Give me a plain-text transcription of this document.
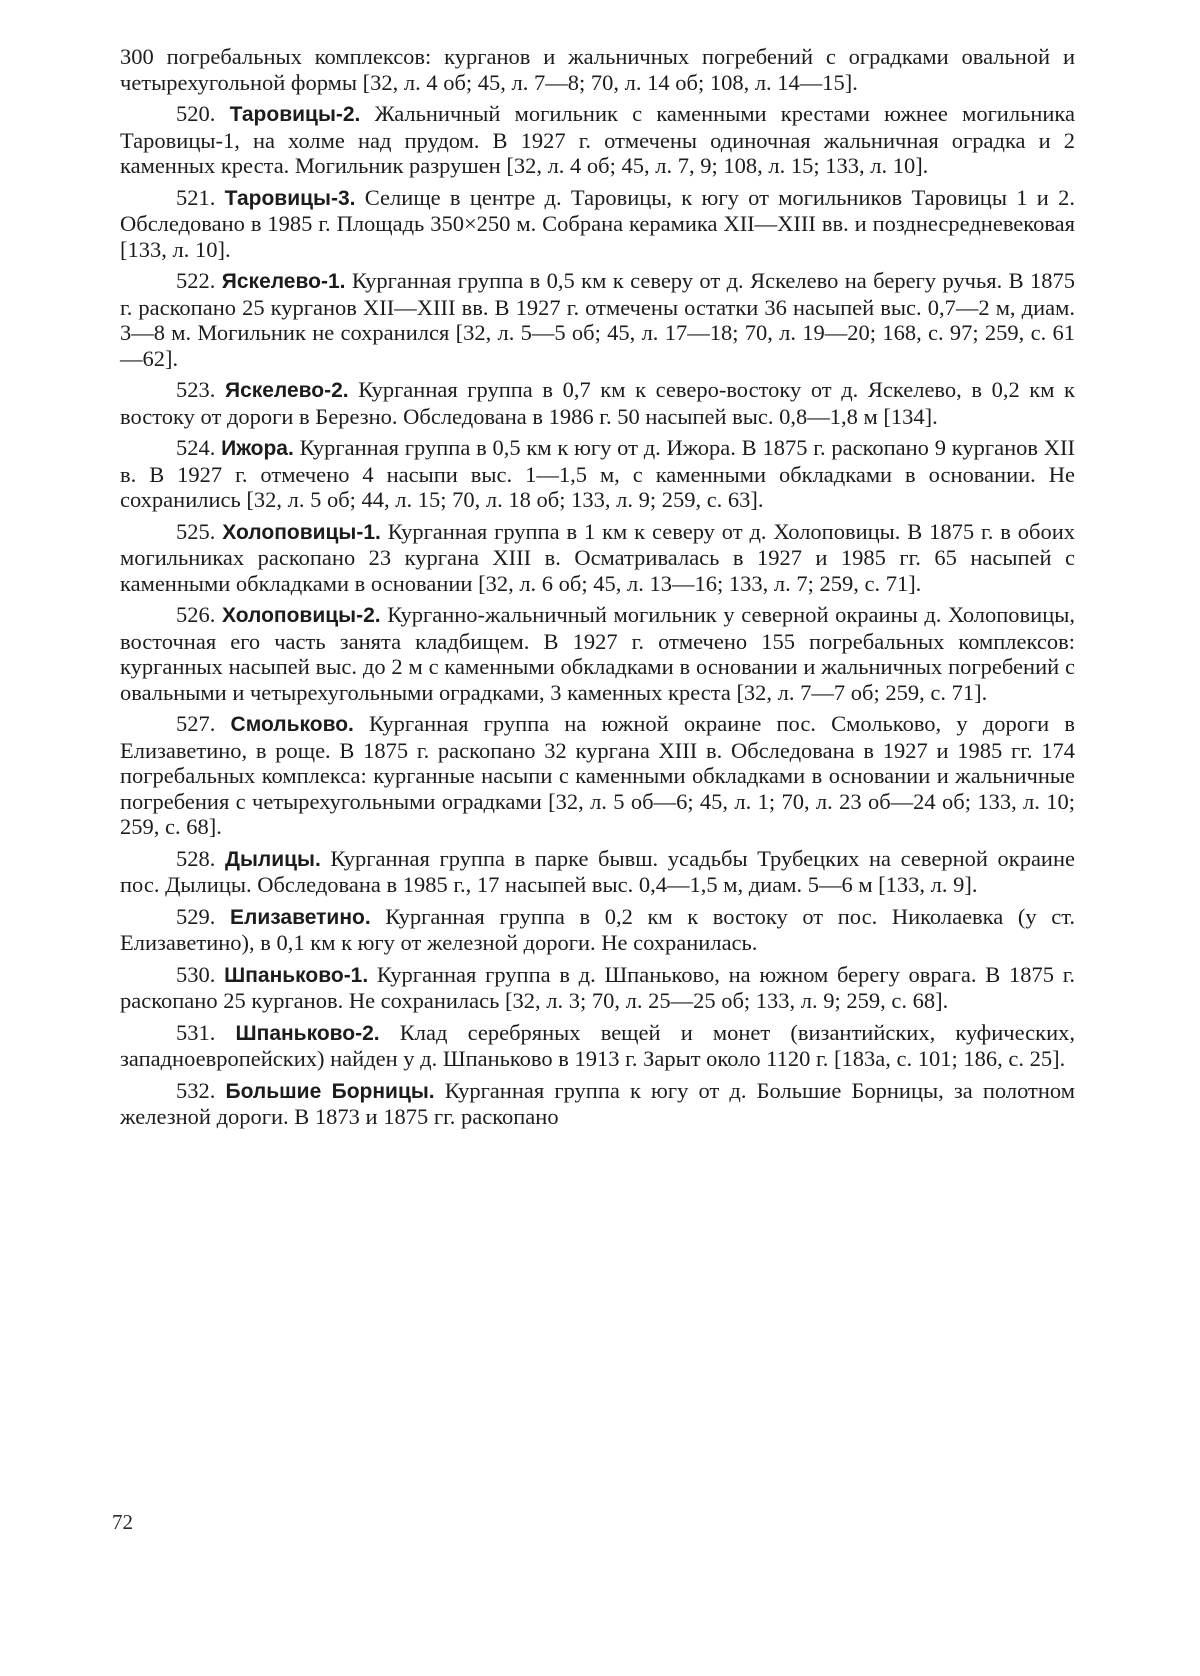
300 погребальных комплексов: курганов и жальничных погребений с оградками овальной и четырехугольной формы [32, л. 4 об; 45, л. 7—8; 70, л. 14 об; 108, л. 14—15].

520. Таровицы-2. Жальничный могильник с каменными крестами южнее могильника Таровицы-1, на холме над прудом. В 1927 г. отмечены одиночная жальничная оградка и 2 каменных креста. Могильник разрушен [32, л. 4 об; 45, л. 7, 9; 108, л. 15; 133, л. 10].

521. Таровицы-3. Селище в центре д. Таровицы, к югу от могильников Таровицы 1 и 2. Обследовано в 1985 г. Площадь 350×250 м. Собрана керамика XII—XIII вв. и позднесредневековая [133, л. 10].

522. Яскелево-1. Курганная группа в 0,5 км к северу от д. Яскелево на берегу ручья. В 1875 г. раскопано 25 курганов XII—XIII вв. В 1927 г. отмечены остатки 36 насыпей выс. 0,7—2 м, диам. 3—8 м. Могильник не сохранился [32, л. 5—5 об; 45, л. 17—18; 70, л. 19—20; 168, с. 97; 259, с. 61—62].

523. Яскелево-2. Курганная группа в 0,7 км к северо-востоку от д. Яскелево, в 0,2 км к востоку от дороги в Березно. Обследована в 1986 г. 50 насыпей выс. 0,8—1,8 м [134].

524. Ижора. Курганная группа в 0,5 км к югу от д. Ижора. В 1875 г. раскопано 9 курганов XII в. В 1927 г. отмечено 4 насыпи выс. 1—1,5 м, с каменными обкладками в основании. Не сохранились [32, л. 5 об; 44, л. 15; 70, л. 18 об; 133, л. 9; 259, с. 63].

525. Холоповицы-1. Курганная группа в 1 км к северу от д. Холоповицы. В 1875 г. в обоих могильниках раскопано 23 кургана XIII в. Осматривалась в 1927 и 1985 гг. 65 насыпей с каменными обкладками в основании [32, л. 6 об; 45, л. 13—16; 133, л. 7; 259, с. 71].

526. Холоповицы-2. Курганно-жальничный могильник у северной окраины д. Холоповицы, восточная его часть занята кладбищем. В 1927 г. отмечено 155 погребальных комплексов: курганных насыпей выс. до 2 м с каменными обкладками в основании и жальничных погребений с овальными и четырехугольными оградками, 3 каменных креста [32, л. 7—7 об; 259, с. 71].

527. Смольково. Курганная группа на южной окраине пос. Смольково, у дороги в Елизаветино, в роще. В 1875 г. раскопано 32 кургана XIII в. Обследована в 1927 и 1985 гг. 174 погребальных комплекса: курганные насыпи с каменными обкладками в основании и жальничные погребения с четырехугольными оградками [32, л. 5 об—6; 45, л. 1; 70, л. 23 об—24 об; 133, л. 10; 259, с. 68].

528. Дылицы. Курганная группа в парке бывш. усадьбы Трубецких на северной окраине пос. Дылицы. Обследована в 1985 г., 17 насыпей выс. 0,4—1,5 м, диам. 5—6 м [133, л. 9].

529. Елизаветино. Курганная группа в 0,2 км к востоку от пос. Николаевка (у ст. Елизаветино), в 0,1 км к югу от железной дороги. Не сохранилась.

530. Шпаньково-1. Курганная группа в д. Шпаньково, на южном берегу оврага. В 1875 г. раскопано 25 курганов. Не сохранилась [32, л. 3; 70, л. 25—25 об; 133, л. 9; 259, с. 68].

531. Шпаньково-2. Клад серебряных вещей и монет (византийских, куфических, западноевропейских) найден у д. Шпаньково в 1913 г. Зарыт около 1120 г. [183а, с. 101; 186, с. 25].

532. Большие Борницы. Курганная группа к югу от д. Большие Борницы, за полотном железной дороги. В 1873 и 1875 гг. раскопано

72
